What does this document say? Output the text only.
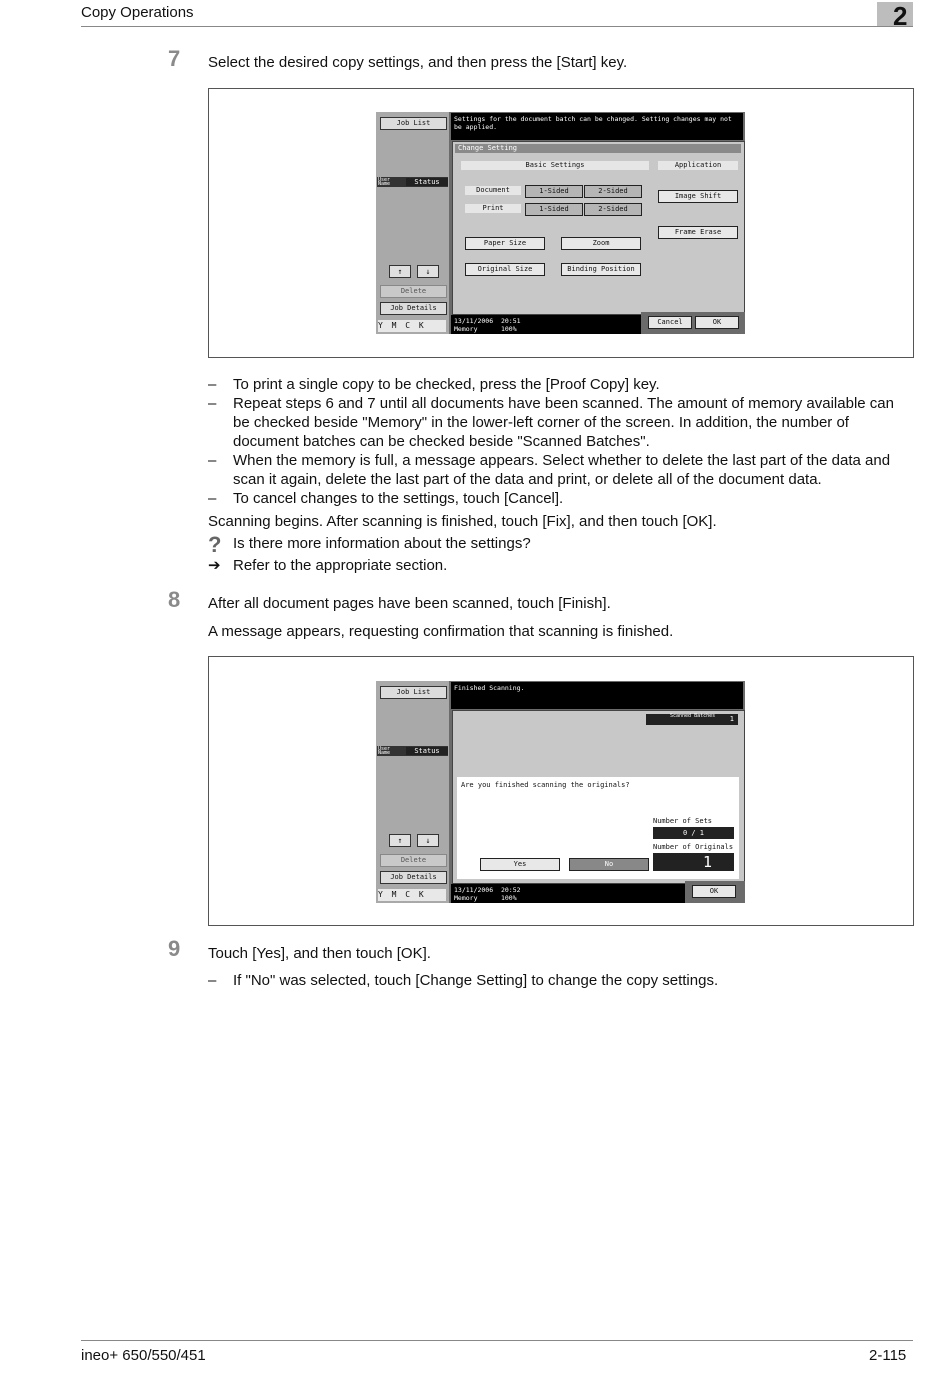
Copy Operations	2
7 Select the desired copy settings, and then press the [Start] key.
Job List
User Name	Status
↑	↓
Delete
Job Details
Y M C K
Settings for the document batch can be changed. Setting changes may not be applied.
Change Setting
Basic Settings	Application
Document	1-Sided	2-Sided
Print	1-Sided	2-Sided
Paper Size	Zoom
Original Size	Binding Position
Image Shift
Frame Erase
13/11/2006 20:51
Memory	100%
Cancel	OK
– To print a single copy to be checked, press the [Proof Copy] key.
– Repeat steps 6 and 7 until all documents have been scanned. The amount of memory available can be checked beside "Memory" in the lower-left corner of the screen. In addition, the number of document batches can be checked beside "Scanned Batches".
– When the memory is full, a message appears. Select whether to delete the last part of the data and scan it again, delete the last part of the data and print, or delete all of the document data.
– To cancel changes to the settings, touch [Cancel].
Scanning begins. After scanning is finished, touch [Fix], and then touch [OK].
? Is there more information about the settings?
➔ Refer to the appropriate section.
8 After all document pages have been scanned, touch [Finish].
A message appears, requesting confirmation that scanning is finished.
Job List
User Name	Status
↑	↓
Delete
Job Details
Y M C K
Finished Scanning.
Scanned Batches 1
Are you finished scanning the originals?
Number of Sets
0 / 1
Number of Originals
1
Yes	No
13/11/2006 20:52
Memory	100%
OK
9 Touch [Yes], and then touch [OK].
– If "No" was selected, touch [Change Setting] to change the copy settings.
ineo+ 650/550/451	2-115
